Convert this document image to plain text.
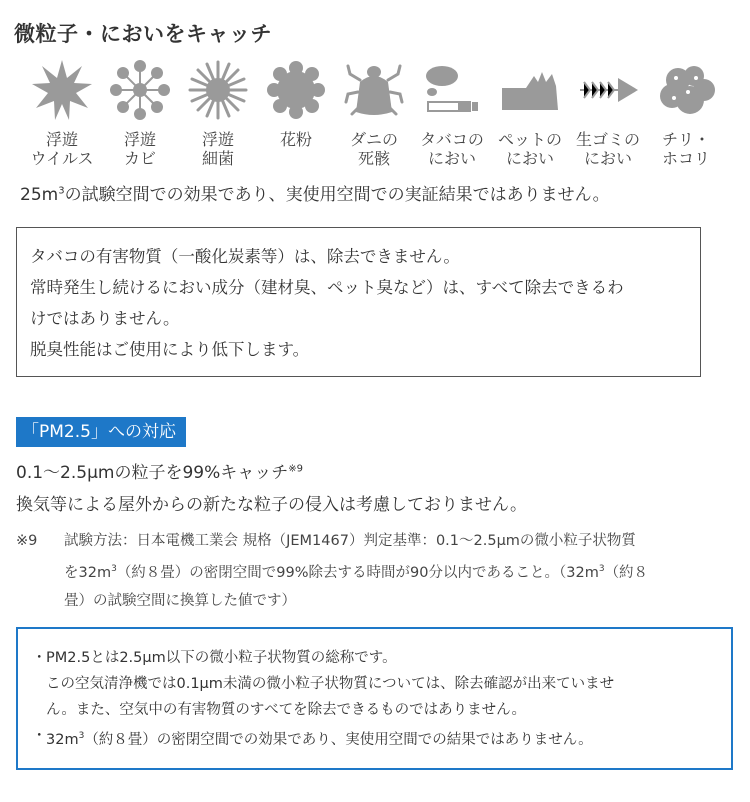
微粒子・においをキャッチ
浮遊
ウイルス
浮遊
カビ
浮遊
細菌
花粉	ダニの
死骸
タバコの
におい
ペットの
におい
生ゴミの
におい
チリ・
ホコリ
$25m^3$の試験空間での効果であり、実使用空間での実証結果ではありません。
タバコの有害物質（一酸化炭素等）は、除去できません。
常時発生し続けるにおい成分（建材臭、ペット臭など）は、すべて除去できるわ
けではありません。
脱臭性能はご使用により低下します。
「PM2.5」への対応
0.1～2.5μmの粒子を99%キャッチ$^{※9}$
換気等による屋外からの新たな粒子の侵入は考慮しておりません。
※9 試験方法：日本電機工業会 規格（JEM1467）判定基準：0.1～2.5μmの微小粒子状物質
を$32m^3$（約８畳）の密閉空間で99%除去する時間が90分以内であること。（$32m^3$（約８
畳）の試験空間に換算した値です）
・ PM2.5とは2.5μm以下の微小粒子状物質の総称です。
この空気清浄機では0.1μm未満の微小粒子状物質については、除去確認が出来ていませ
ん。また、空気中の有害物質のすべてを除去できるものではありません。
・ $32m^3$（約８畳）の密閉空間での効果であり、実使用空間での結果ではありません。
